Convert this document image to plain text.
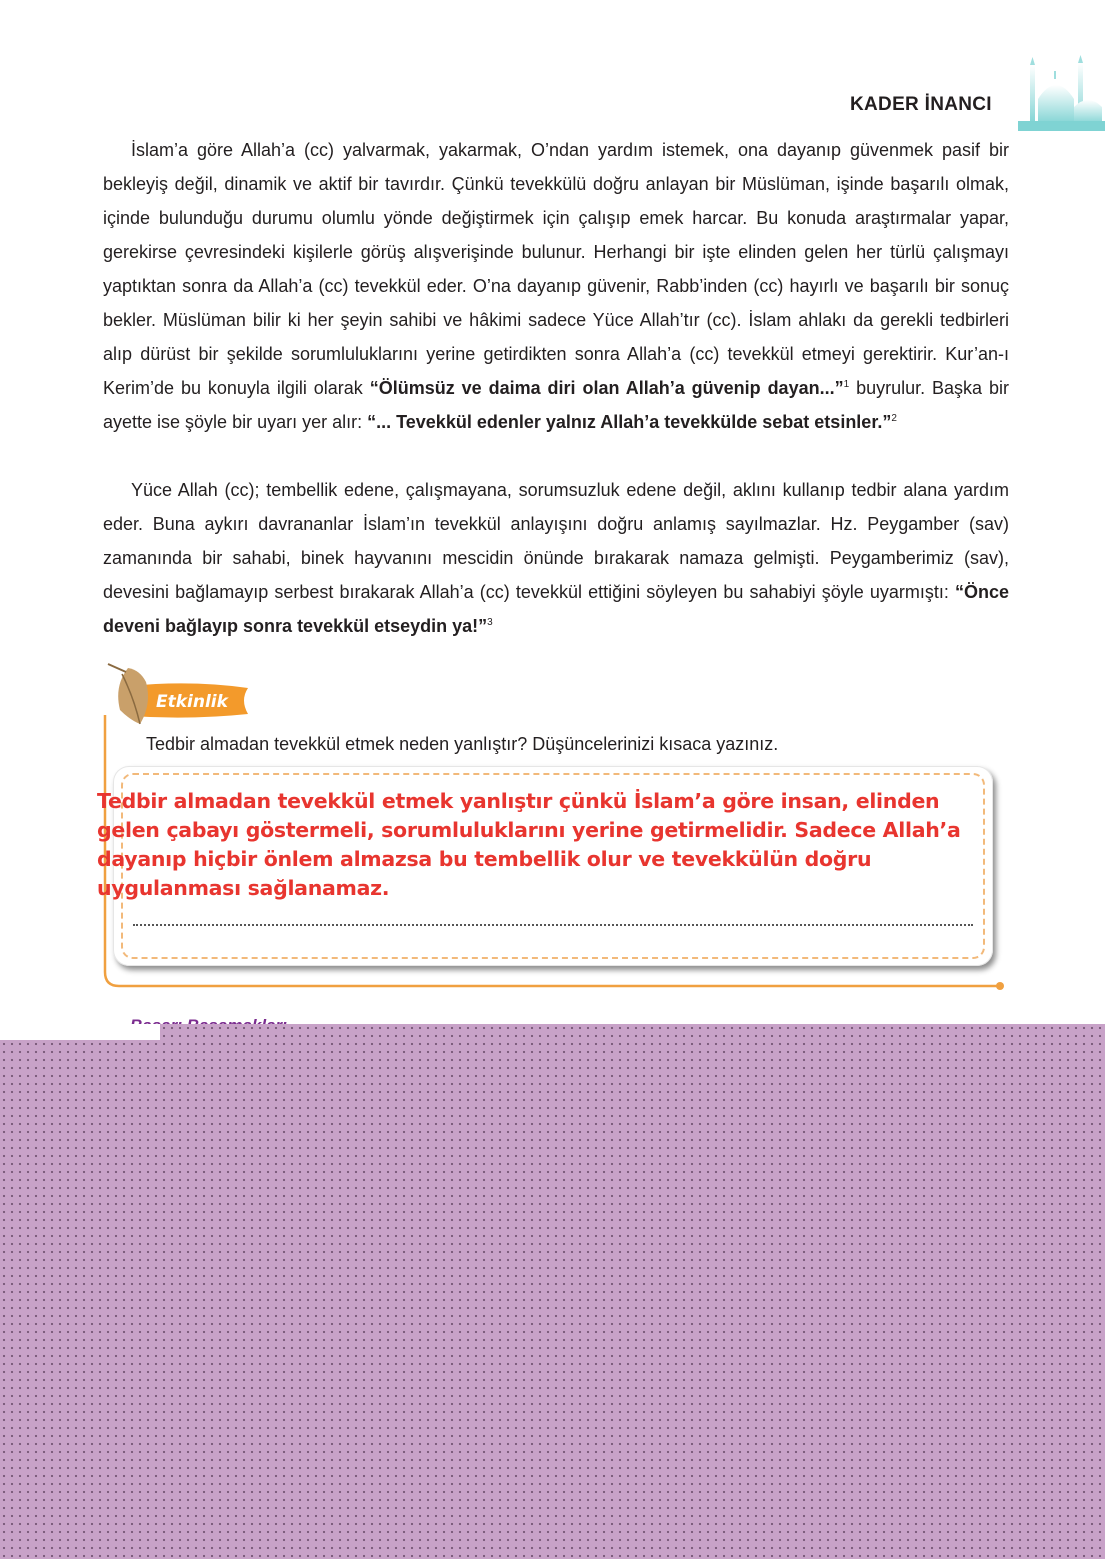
KADER İNANCI
İslam’a göre Allah’a (cc) yalvarmak, yakarmak, O’ndan yardım istemek, ona dayanıp güvenmek pasif bir bekleyiş değil, dinamik ve aktif bir tavırdır. Çünkü tevekkülü doğru anlayan bir Müslüman, işinde başarılı olmak, içinde bulunduğu durumu olumlu yönde değiştirmek için çalışıp emek harcar. Bu konuda araştırmalar yapar, gerekirse çevresindeki kişilerle görüş alışverişinde bulunur. Herhangi bir işte elinden gelen her türlü çalışmayı yaptıktan sonra da Allah’a (cc) tevekkül eder. O’na dayanıp güvenir, Rabb’inden (cc) hayırlı ve başarılı bir sonuç bekler. Müslüman bilir ki her şeyin sahibi ve hâkimi sadece Yüce Allah’tır (cc). İslam ahlakı da gerekli tedbirleri alıp dürüst bir şekilde sorumluluklarını yerine getirdikten sonra Allah’a (cc) tevekkül etmeyi gerektirir. Kur’an-ı Kerim’de bu konuyla ilgili olarak “Ölümsüz ve daima diri olan Allah’a güvenip dayan...”$^1$ buyrulur. Başka bir ayette ise şöyle bir uyarı yer alır: “... Tevekkül edenler yalnız Allah’a tevekkülde sebat etsinler.”$^2$
Yüce Allah (cc); tembellik edene, çalışmayana, sorumsuzluk edene değil, aklını kullanıp tedbir alana yardım eder. Buna aykırı davrananlar İslam’ın tevekkül anlayışını doğru anlamış sayılmazlar. Hz. Peygamber (sav) zamanında bir sahabi, binek hayvanını mescidin önünde bırakarak namaza gelmişti. Peygamberimiz (sav), devesini bağlamayıp serbest bırakarak Allah’a (cc) tevekkül ettiğini söyleyen bu sahabiyi şöyle uyarmıştı: “Önce deveni bağlayıp sonra tevekkül etseydin ya!”$^3$
Etkinlik
Tedbir almadan tevekkül etmek neden yanlıştır? Düşüncelerinizi kısaca yazınız.
Tedbir almadan tevekkül etmek yanlıştır çünkü İslam’a göre insan, elinden gelen çabayı göstermeli, sorumluluklarını yerine getirmelidir. Sadece Allah’a dayanıp hiçbir önlem almazsa bu tembellik olur ve tevekkülün doğru uygulanması sağlanamaz.
